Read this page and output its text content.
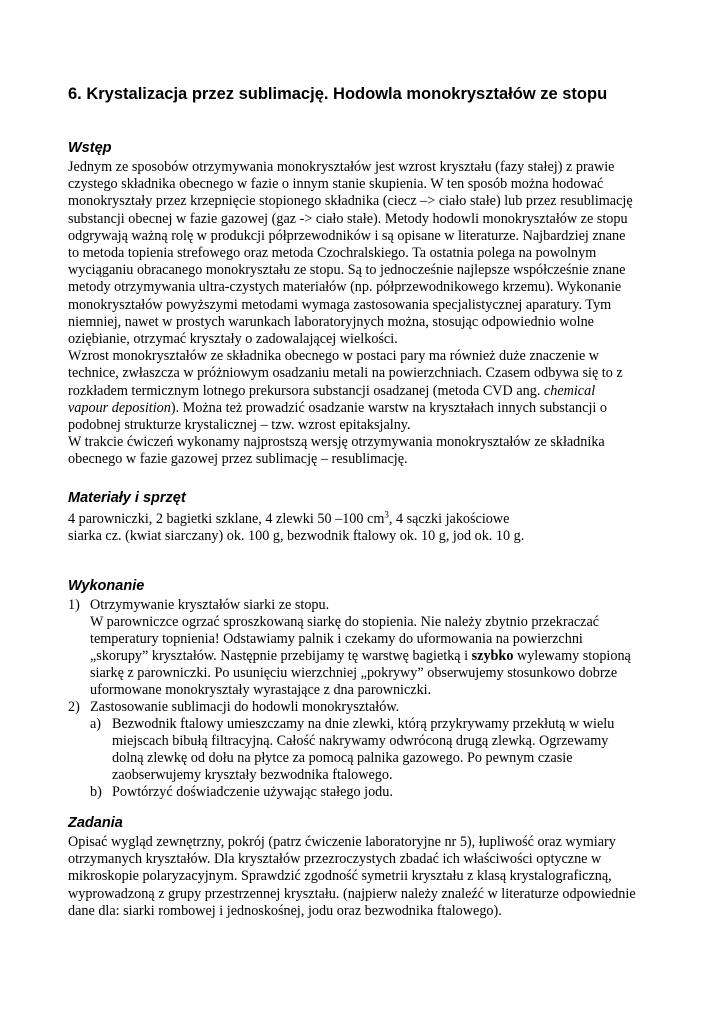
6. Krystalizacja przez sublimację. Hodowla monokryształów ze stopu
Wstęp
Jednym ze sposobów otrzymywania monokryształów jest wzrost kryształu (fazy stałej) z prawie
czystego składnika obecnego w fazie o innym stanie skupienia. W ten sposób można hodować
monokryształy przez krzepnięcie stopionego składnika (ciecz –> ciało stałe) lub przez resublimację
substancji obecnej w fazie gazowej (gaz -> ciało stałe). Metody hodowli monokryształów ze stopu
odgrywają ważną rolę w produkcji półprzewodników i są opisane w literaturze. Najbardziej znane
to metoda topienia strefowego oraz metoda Czochralskiego. Ta ostatnia polega na powolnym
wyciąganiu obracanego monokryształu ze stopu. Są to jednocześnie najlepsze współcześnie znane
metody otrzymywania ultra-czystych materiałów (np. półprzewodnikowego krzemu). Wykonanie
monokryształów powyższymi metodami wymaga zastosowania specjalistycznej aparatury. Tym
niemniej, nawet w prostych warunkach laboratoryjnych można, stosując odpowiednio wolne
oziębianie, otrzymać kryształy o zadowalającej wielkości.
Wzrost monokryształów ze składnika obecnego w postaci pary ma również duże znaczenie w
technice, zwłaszcza w próżniowym osadzaniu metali na powierzchniach. Czasem odbywa się to z
rozkładem termicznym lotnego prekursora substancji osadzanej (metoda CVD ang. chemical
vapour deposition). Można też prowadzić osadzanie warstw na kryształach innych substancji o
podobnej strukturze krystalicznej – tzw. wzrost epitaksjalny.
W trakcie ćwiczeń wykonamy najprostszą wersję otrzymywania monokryształów ze składnika
obecnego w fazie gazowej przez sublimację – resublimację.
Materiały i sprzęt
4 parowniczki, 2 bagietki szklane, 4 zlewki 50 –100 $cm^3$, 4 sączki jakościowe
siarka cz. (kwiat siarczany) ok. 100 g, bezwodnik ftalowy ok. 10 g, jod ok. 10 g.
Wykonanie
1) Otrzymywanie kryształów siarki ze stopu.
W parowniczce ogrzać sproszkowaną siarkę do stopienia. Nie należy zbytnio przekraczać
temperatury topnienia! Odstawiamy palnik i czekamy do uformowania na powierzchni
„skorupy” kryształów. Następnie przebijamy tę warstwę bagietką i szybko wylewamy stopioną
siarkę z parowniczki. Po usunięciu wierzchniej „pokrywy” obserwujemy stosunkowo dobrze
uformowane monokryształy wyrastające z dna parowniczki.
2) Zastosowanie sublimacji do hodowli monokryształów.
a) Bezwodnik ftalowy umieszczamy na dnie zlewki, którą przykrywamy przekłutą w wielu
miejscach bibułą filtracyjną. Całość nakrywamy odwróconą drugą zlewką. Ogrzewamy
dolną zlewkę od dołu na płytce za pomocą palnika gazowego. Po pewnym czasie
zaobserwujemy kryształy bezwodnika ftalowego.
b) Powtórzyć doświadczenie używając stałego jodu.
Zadania
Opisać wygląd zewnętrzny, pokrój (patrz ćwiczenie laboratoryjne nr 5), łupliwość oraz wymiary
otrzymanych kryształów. Dla kryształów przezroczystych zbadać ich właściwości optyczne w
mikroskopie polaryzacyjnym. Sprawdzić zgodność symetrii kryształu z klasą krystalograficzną,
wyprowadzoną z grupy przestrzennej kryształu. (najpierw należy znaleźć w literaturze odpowiednie
dane dla: siarki rombowej i jednoskośnej, jodu oraz bezwodnika ftalowego).
